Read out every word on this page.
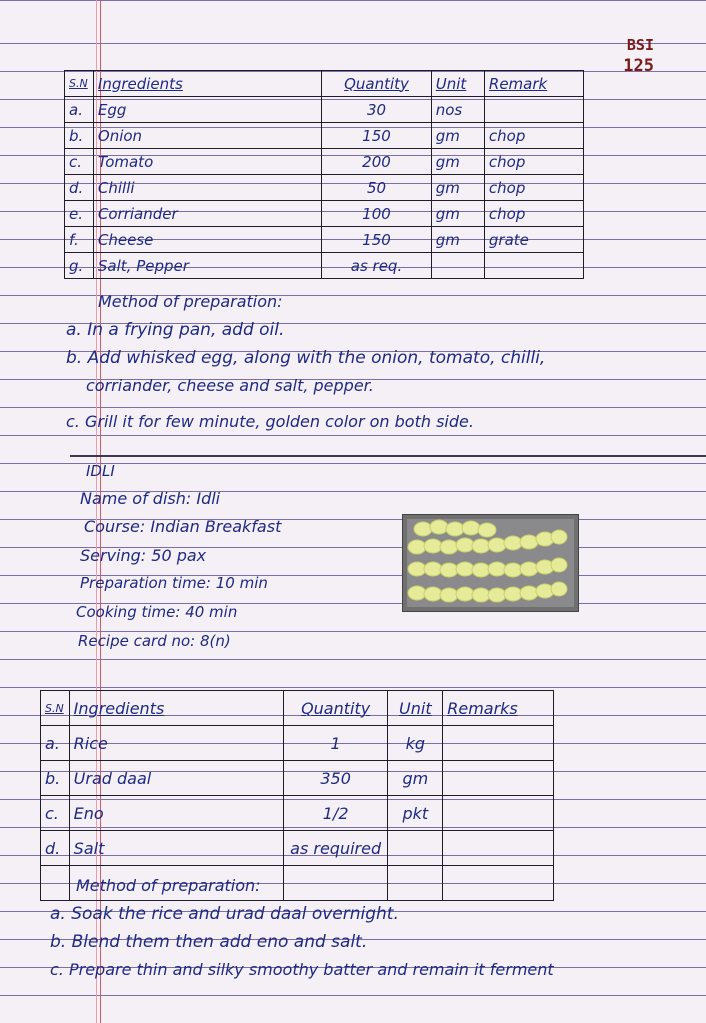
BSI
125
S.N	Ingredients	Quantity	Unit	Remark
a.	Egg	30	nos	
b.	Onion	150	gm	chop
c.	Tomato	200	gm	chop
d.	Chilli	50	gm	chop
e.	Corriander	100	gm	chop
f.	Cheese	150	gm	grate
g.	Salt, Pepper	as req.		
Method of preparation:
a. In a frying pan, add oil.
b. Add whisked egg, along with the onion, tomato, chilli,
corriander, cheese and salt, pepper.
c. Grill it for few minute, golden color on both side.
IDLI
Name of dish: Idli
Course: Indian Breakfast
Serving: 50 pax
Preparation time: 10 min
Cooking time: 40 min
Recipe card no: 8(n)
S.N	Ingredients	Quantity	Unit	Remarks
a.	Rice	1	kg	
b.	Urad daal	350	gm	
c.	Eno	1/2	pkt	
d.	Salt	as required		

Method of preparation:
a. Soak the rice and urad daal overnight.
b. Blend them then add eno and salt.
c. Prepare thin and silky smoothy batter and remain it ferment
